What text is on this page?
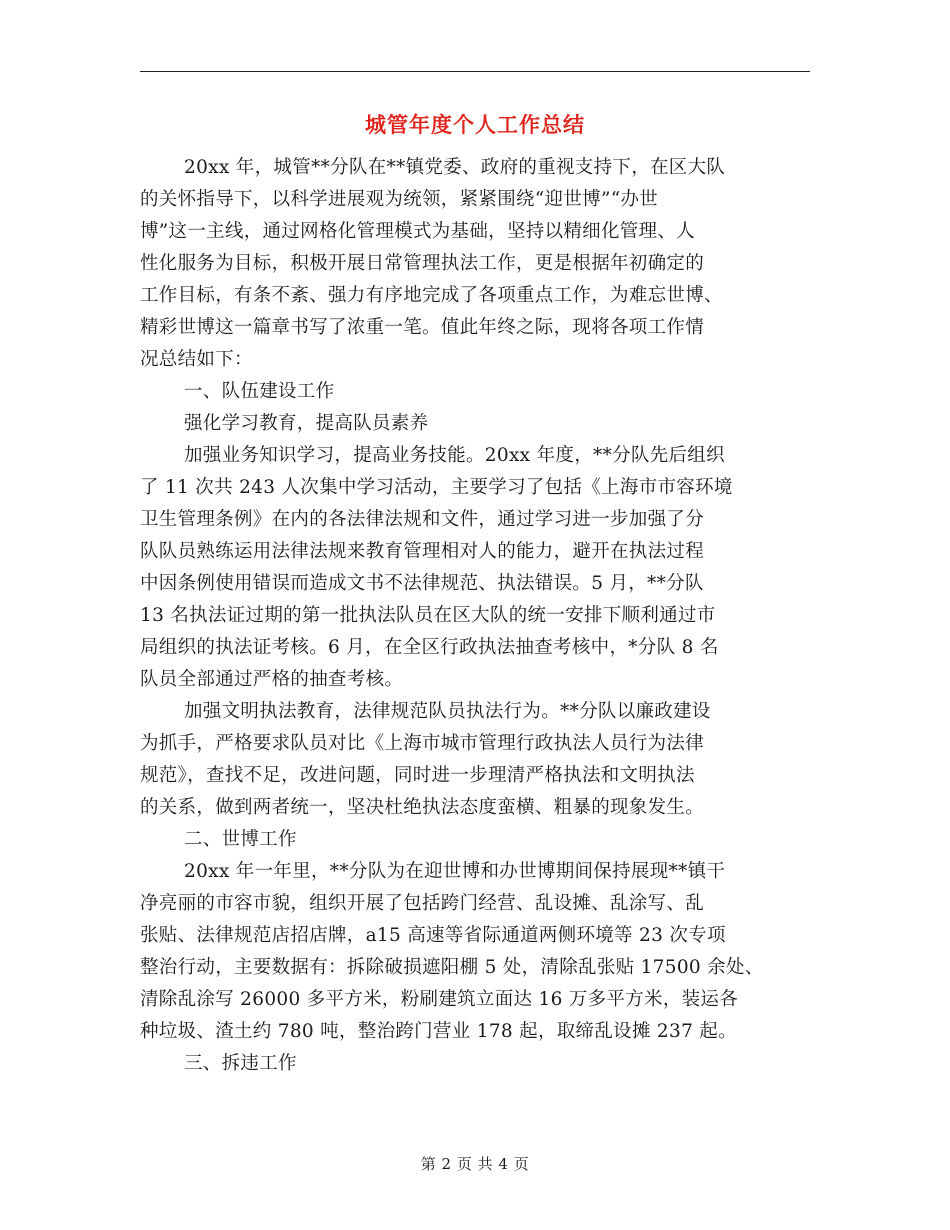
城管年度个人工作总结
20xx 年，城管**分队在**镇党委、政府的重视支持下，在区大队
的关怀指导下，以科学进展观为统领，紧紧围绕“迎世博”“办世
博”这一主线，通过网格化管理模式为基础，坚持以精细化管理、人
性化服务为目标，积极开展日常管理执法工作，更是根据年初确定的
工作目标，有条不紊、强力有序地完成了各项重点工作，为难忘世博、
精彩世博这一篇章书写了浓重一笔。值此年终之际，现将各项工作情
况总结如下：
一、队伍建设工作
强化学习教育，提高队员素养
加强业务知识学习，提高业务技能。20xx 年度，**分队先后组织
了 11 次共 243 人次集中学习活动，主要学习了包括《上海市市容环境
卫生管理条例》在内的各法律法规和文件，通过学习进一步加强了分
队队员熟练运用法律法规来教育管理相对人的能力，避开在执法过程
中因条例使用错误而造成文书不法律规范、执法错误。5 月，**分队
13 名执法证过期的第一批执法队员在区大队的统一安排下顺利通过市
局组织的执法证考核。6 月，在全区行政执法抽查考核中，*分队 8 名
队员全部通过严格的抽查考核。
加强文明执法教育，法律规范队员执法行为。**分队以廉政建设
为抓手，严格要求队员对比《上海市城市管理行政执法人员行为法律
规范》，查找不足，改进问题，同时进一步理清严格执法和文明执法
的关系，做到两者统一，坚决杜绝执法态度蛮横、粗暴的现象发生。
二、世博工作
20xx 年一年里，**分队为在迎世博和办世博期间保持展现**镇干
净亮丽的市容市貌，组织开展了包括跨门经营、乱设摊、乱涂写、乱
张贴、法律规范店招店牌，a15 高速等省际通道两侧环境等 23 次专项
整治行动，主要数据有：拆除破损遮阳棚 5 处，清除乱张贴 17500 余处、
清除乱涂写 26000 多平方米，粉刷建筑立面达 16 万多平方米，装运各
种垃圾、渣土约 780 吨，整治跨门营业 178 起，取缔乱设摊 237 起。
三、拆违工作
第 2 页 共 4 页
